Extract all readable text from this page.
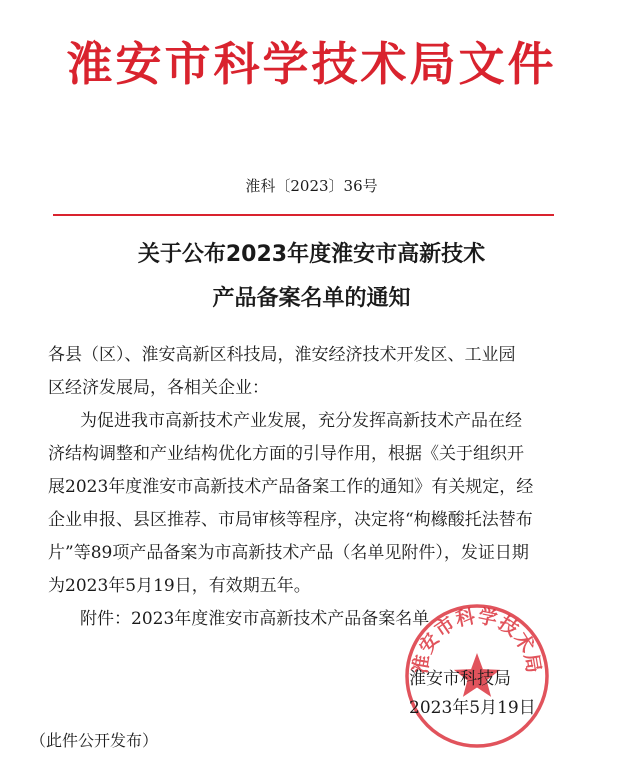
淮安市科学技术局文件
淮科〔2023〕36号
关于公布2023年度淮安市高新技术
产品备案名单的通知
各县（区）、淮安高新区科技局，淮安经济技术开发区、工业园
区经济发展局，各相关企业：
为促进我市高新技术产业发展，充分发挥高新技术产品在经
济结构调整和产业结构优化方面的引导作用，根据《关于组织开
展2023年度淮安市高新技术产品备案工作的通知》有关规定，经
企业申报、县区推荐、市局审核等程序，决定将“枸橼酸托法替布
片”等89项产品备案为市高新技术产品（名单见附件），发证日期
为2023年5月19日，有效期五年。
附件：2023年度淮安市高新技术产品备案名单
淮安市科学技术局
淮安市科技局
2023年5月19日
（此件公开发布）
